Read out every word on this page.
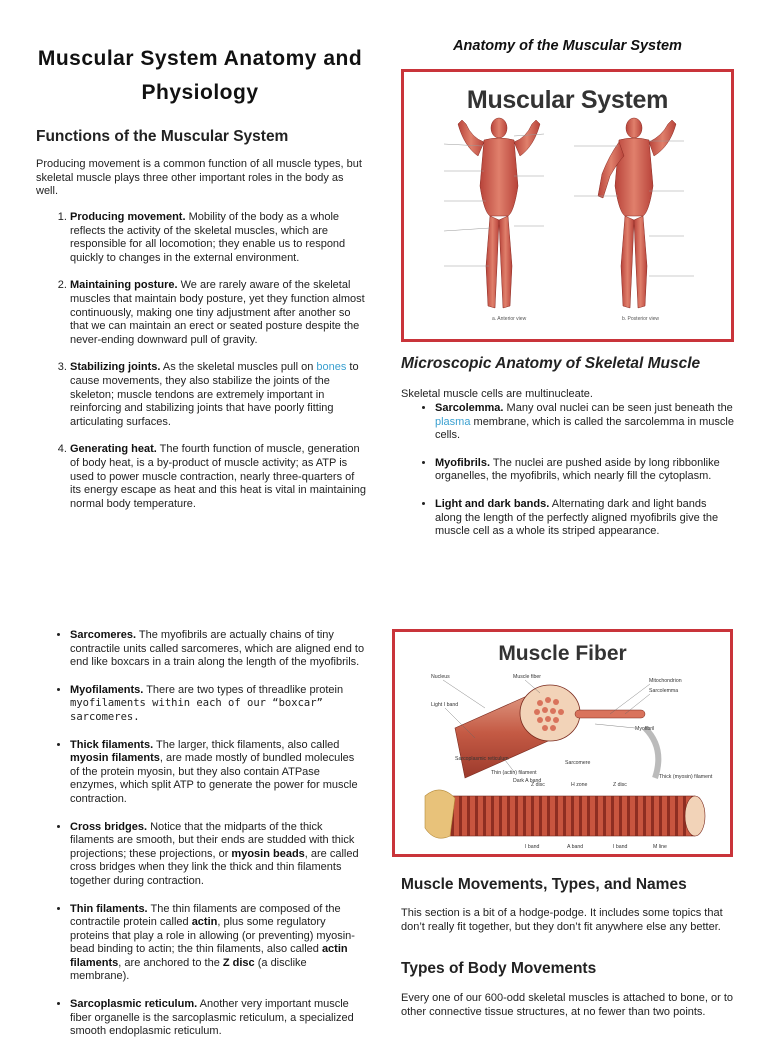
Muscular System Anatomy and Physiology
Functions of the Muscular System

Producing movement is a common function of all muscle types, but skeletal muscle plays three other important roles in the body as well.

1. Producing movement. Mobility of the body as a whole reflects the activity of the skeletal muscles, which are responsible for all locomotion; they enable us to respond quickly to changes in the external environment.
2. Maintaining posture. We are rarely aware of the skeletal muscles that maintain body posture, yet they function almost continuously, making one tiny adjustment after another so that we can maintain an erect or seated posture despite the never-ending downward pull of gravity.
3. Stabilizing joints. As the skeletal muscles pull on bones to cause movements, they also stabilize the joints of the skeleton; muscle tendons are extremely important in reinforcing and stabilizing joints that have poorly fitting articulating surfaces.
4. Generating heat. The fourth function of muscle, generation of body heat, is a by-product of muscle activity; as ATP is used to power muscle contraction, nearly three-quarters of its energy escape as heat and this heat is vital in maintaining normal body temperature.
Anatomy of the Muscular System
Muscular System
a. Anterior view	b. Posterior view
Microscopic Anatomy of Skeletal Muscle

Skeletal muscle cells are multinucleate.

• Sarcolemma. Many oval nuclei can be seen just beneath the plasma membrane, which is called the sarcolemma in muscle cells.
• Myofibrils. The nuclei are pushed aside by long ribbonlike organelles, the myofibrils, which nearly fill the cytoplasm.
• Light and dark bands. Alternating dark and light bands along the length of the perfectly aligned myofibrils give the muscle cell as a whole its striped appearance.
• Sarcomeres. The myofibrils are actually chains of tiny contractile units called sarcomeres, which are aligned end to end like boxcars in a train along the length of the myofibrils.
• Myofilaments. There are two types of threadlike protein myofilaments within each of our “boxcar” sarcomeres.
• Thick filaments. The larger, thick filaments, also called myosin filaments, are made mostly of bundled molecules of the protein myosin, but they also contain ATPase enzymes, which split ATP to generate the power for muscle contraction.
• Cross bridges. Notice that the midparts of the thick filaments are smooth, but their ends are studded with thick projections; these projections, or myosin beads, are called cross bridges when they link the thick and thin filaments together during contraction.
• Thin filaments. The thin filaments are composed of the contractile protein called actin, plus some regulatory proteins that play a role in allowing (or preventing) myosin-bead binding to actin; the thin filaments, also called actin filaments, are anchored to the Z disc (a disclike membrane).
• Sarcoplasmic reticulum. Another very important muscle fiber organelle is the sarcoplasmic reticulum, a specialized smooth endoplasmic reticulum.
Muscle Fiber
Nucleus	Muscle fiber
Mitochondrion
Sarcolemma
Light I band
Myofibril
Dark A band
Sarcoplasmic reticulum
Sarcomere
Thin (actin) filament
Z disc	H zone	Z disc
Thick (myosin) filament
I band	A band	I band	M line
Muscle Movements, Types, and Names

This section is a bit of a hodge-podge. It includes some topics that don’t really fit together, but they don’t fit anywhere else any better.

Types of Body Movements

Every one of our 600-odd skeletal muscles is attached to bone, or to other connective tissue structures, at no fewer than two points.
